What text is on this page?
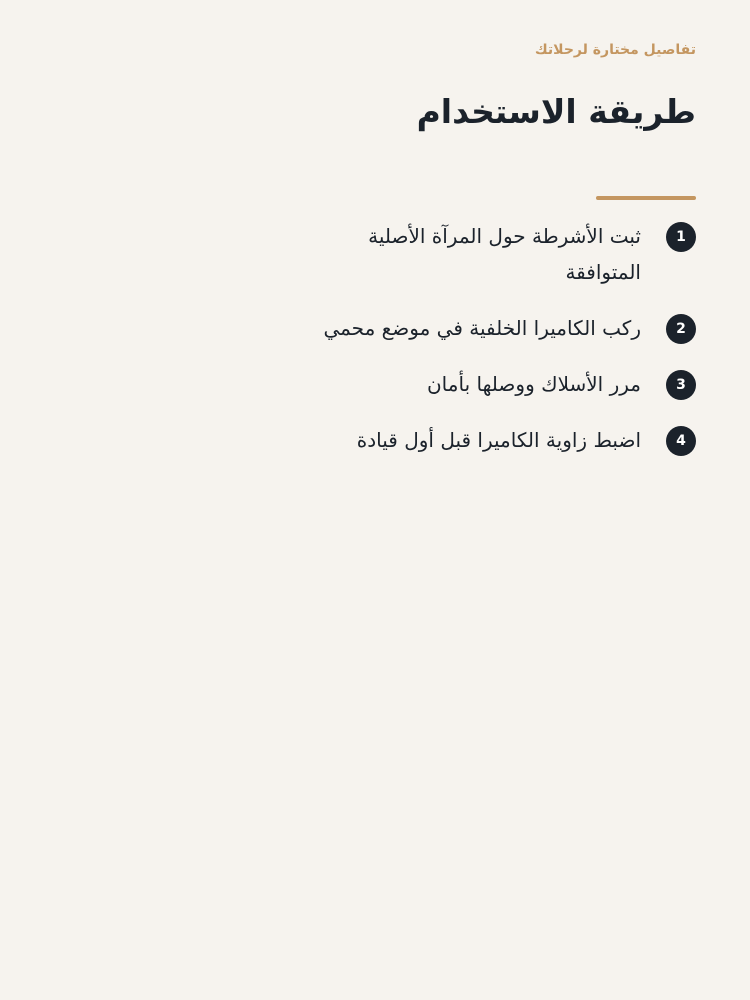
تفاصيل مختارة لرحلاتك
طريقة الاستخدام
1
ثبت الأشرطة حول المرآة الأصلية المتوافقة
2
ركب الكاميرا الخلفية في موضع محمي
3
مرر الأسلاك ووصلها بأمان
4
اضبط زاوية الكاميرا قبل أول قيادة
